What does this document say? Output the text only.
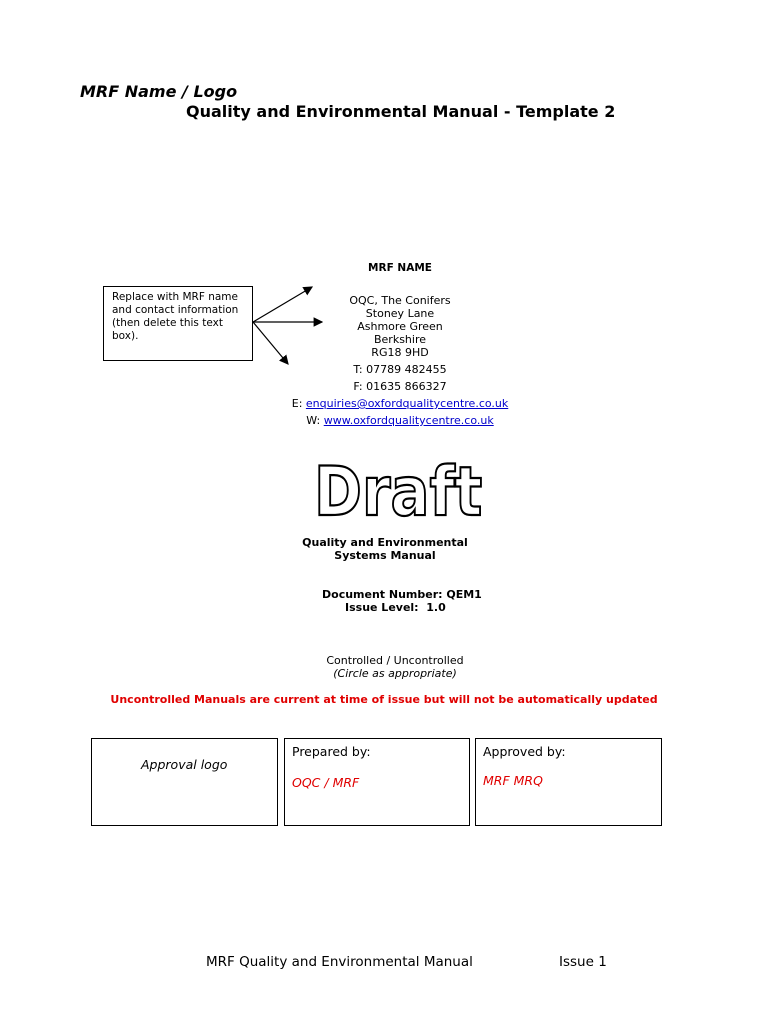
MRF Name / Logo
Quality and Environmental Manual - Template 2
Replace with MRF name and contact information (then delete this text box).
MRF NAME
OQC, The Conifers
Stoney Lane
Ashmore Green
Berkshire
RG18 9HD
T: 07789 482455
F: 01635 866327
E: enquiries@oxfordqualitycentre.co.uk
W: www.oxfordqualitycentre.co.uk
Draft
Quality and Environmental
Systems Manual
Document Number: QEM1
Issue Level:  1.0
Controlled / Uncontrolled
(Circle as appropriate)
Uncontrolled Manuals are current at time of issue but will not be automatically updated
Approval logo
Prepared by:
OQC / MRF
Approved by:
MRF MRQ
MRF Quality and Environmental Manual	Issue 1
